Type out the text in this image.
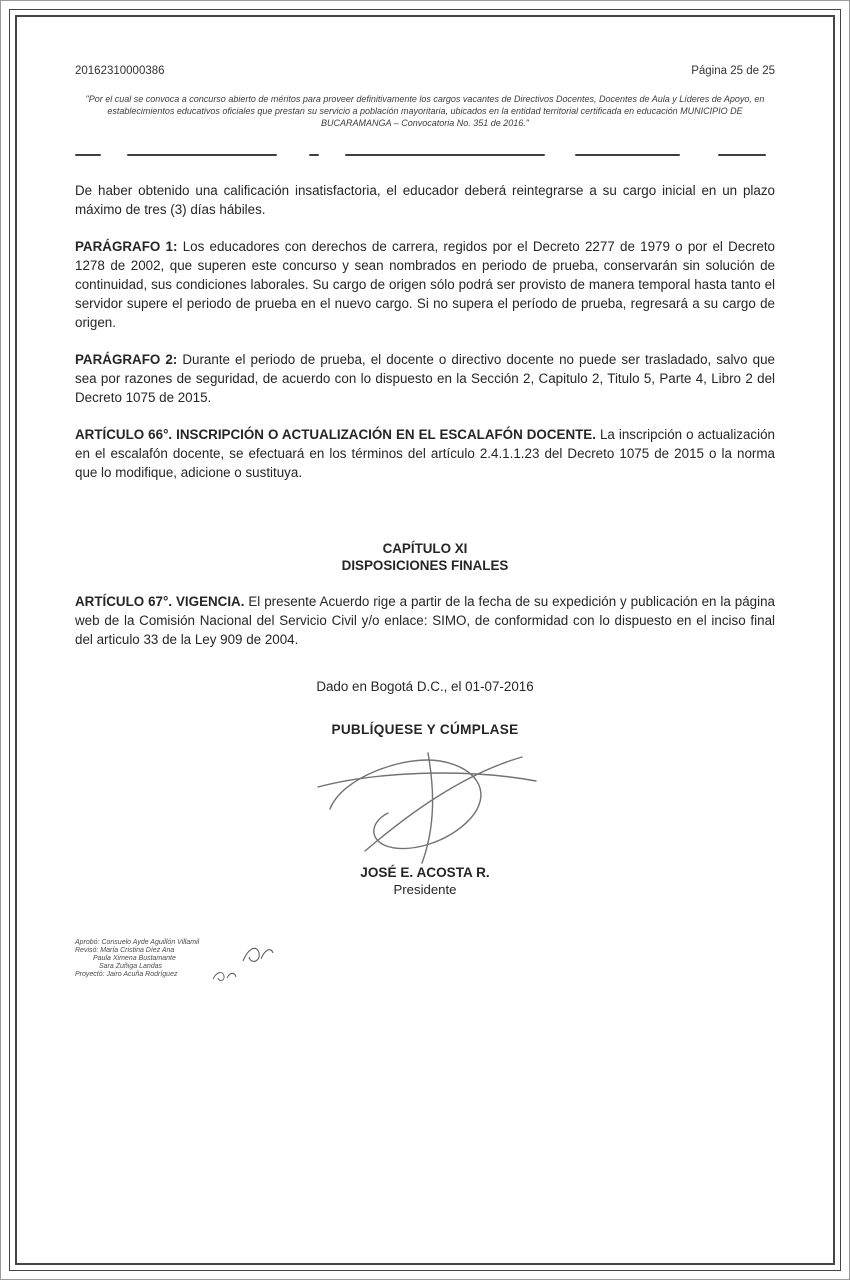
20162310000386	Página 25 de 25
"Por el cual se convoca a concurso abierto de méritos para proveer definitivamente los cargos vacantes de Directivos Docentes, Docentes de Aula y Líderes de Apoyo, en establecimientos educativos oficiales que prestan su servicio a población mayoritaria, ubicados en la entidad territorial certificada en educación MUNICIPIO DE BUCARAMANGA – Convocatoria No. 351 de 2016."

De haber obtenido una calificación insatisfactoria, el educador deberá reintegrarse a su cargo inicial en un plazo máximo de tres (3) días hábiles.

PARÁGRAFO 1: Los educadores con derechos de carrera, regidos por el Decreto 2277 de 1979 o por el Decreto 1278 de 2002, que superen este concurso y sean nombrados en periodo de prueba, conservarán sin solución de continuidad, sus condiciones laborales. Su cargo de origen sólo podrá ser provisto de manera temporal hasta tanto el servidor supere el periodo de prueba en el nuevo cargo. Si no supera el período de prueba, regresará a su cargo de origen.

PARÁGRAFO 2: Durante el periodo de prueba, el docente o directivo docente no puede ser trasladado, salvo que sea por razones de seguridad, de acuerdo con lo dispuesto en la Sección 2, Capitulo 2, Titulo 5, Parte 4, Libro 2 del Decreto 1075 de 2015.

ARTÍCULO 66°. INSCRIPCIÓN O ACTUALIZACIÓN EN EL ESCALAFÓN DOCENTE. La inscripción o actualización en el escalafón docente, se efectuará en los términos del artículo 2.4.1.1.23 del Decreto 1075 de 2015 o la norma que lo modifique, adicione o sustituya.

CAPÍTULO XI
DISPOSICIONES FINALES

ARTÍCULO 67°. VIGENCIA. El presente Acuerdo rige a partir de la fecha de su expedición y publicación en la página web de la Comisión Nacional del Servicio Civil y/o enlace: SIMO, de conformidad con lo dispuesto en el inciso final del articulo 33 de la Ley 909 de 2004.

Dado en Bogotá D.C., el 01-07-2016
PUBLÍQUESE Y CÚMPLASE
JOSÉ E. ACOSTA R.
Presidente
Aprobó: Consuelo Ayde Aguillón Villamil
Revisó: María Cristina Díez Ana
Paula Ximena Bustamante
Sara Zuñiga Landas
Proyectó: Jairo Acuña Rodríguez
